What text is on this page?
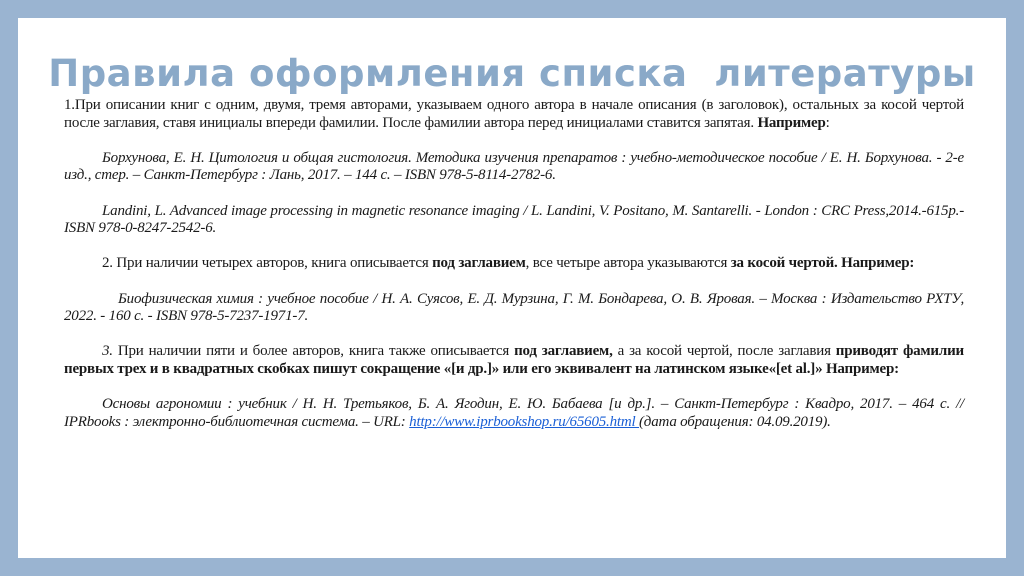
Правила оформления списка  литературы

1.При описании книг с одним, двумя, тремя авторами, указываем одного автора в начале описания (в заголовок), остальных за косой чертой после заглавия, ставя инициалы впереди фамилии. После фамилии автора перед инициалами ставится запятая. Например:

Борхунова, Е. Н. Цитология и общая гистология. Методика изучения препаратов : учебно-методическое пособие / Е. Н. Борхунова. - 2-е изд., стер. – Санкт-Петербург : Лань, 2017. – 144 с. – ISBN 978-5-8114-2782-6.

Landini, L. Advanced image processing in magnetic resonance imaging / L. Landini, V. Positano, M. Santarelli. - London : CRC Press,2014.-615p.-ISBN 978-0-8247-2542-6.

2. При наличии четырех авторов, книга описывается под заглавием, все четыре автора указываются за косой чертой. Например:

Биофизическая химия : учебное пособие / Н. А. Суясов, Е. Д. Мурзина, Г. М. Бондарева, О. В. Яровая. – Москва : Издательство РХТУ, 2022. - 160 с. - ISBN 978-5-7237-1971-7.

3. При наличии пяти и более авторов, книга также описывается под заглавием, а за косой чертой, после заглавия приводят фамилии первых трех и в квадратных скобках пишут сокращение «[и др.]» или его эквивалент на латинском языке«[et al.]» Например:

Основы агрономии : учебник / Н. Н. Третьяков, Б. А. Ягодин, Е. Ю. Бабаева [и др.]. – Санкт-Петербург : Квадро, 2017. – 464 с. // IPRbooks : электронно-библиотечная система. – URL: http://www.iprbookshop.ru/65605.html (дата обращения: 04.09.2019).
